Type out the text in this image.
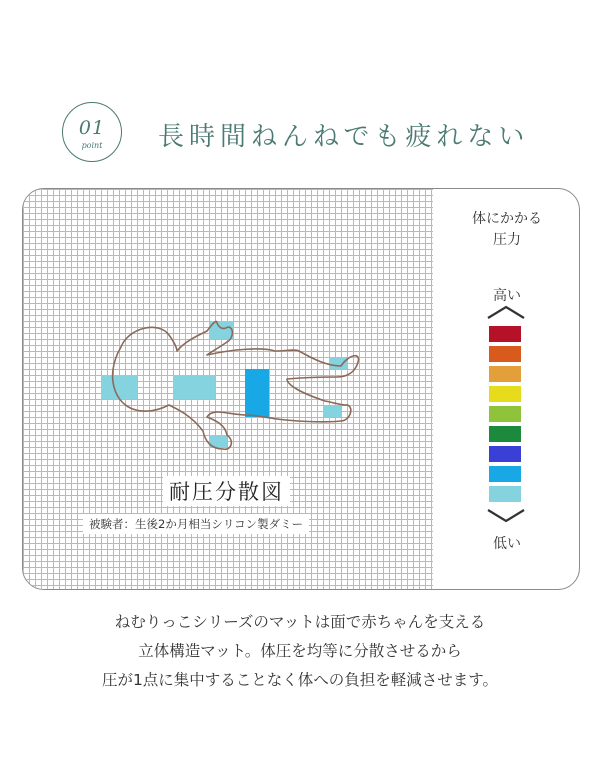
01
point	長時間ねんねでも疲れない
耐圧分散図
被験者：生後2か月相当シリコン製ダミー
体にかかる
圧力
高い
低い
ねむりっこシリーズのマットは面で赤ちゃんを支える
立体構造マット。体圧を均等に分散させるから
圧が1点に集中することなく体への負担を軽減させます。
